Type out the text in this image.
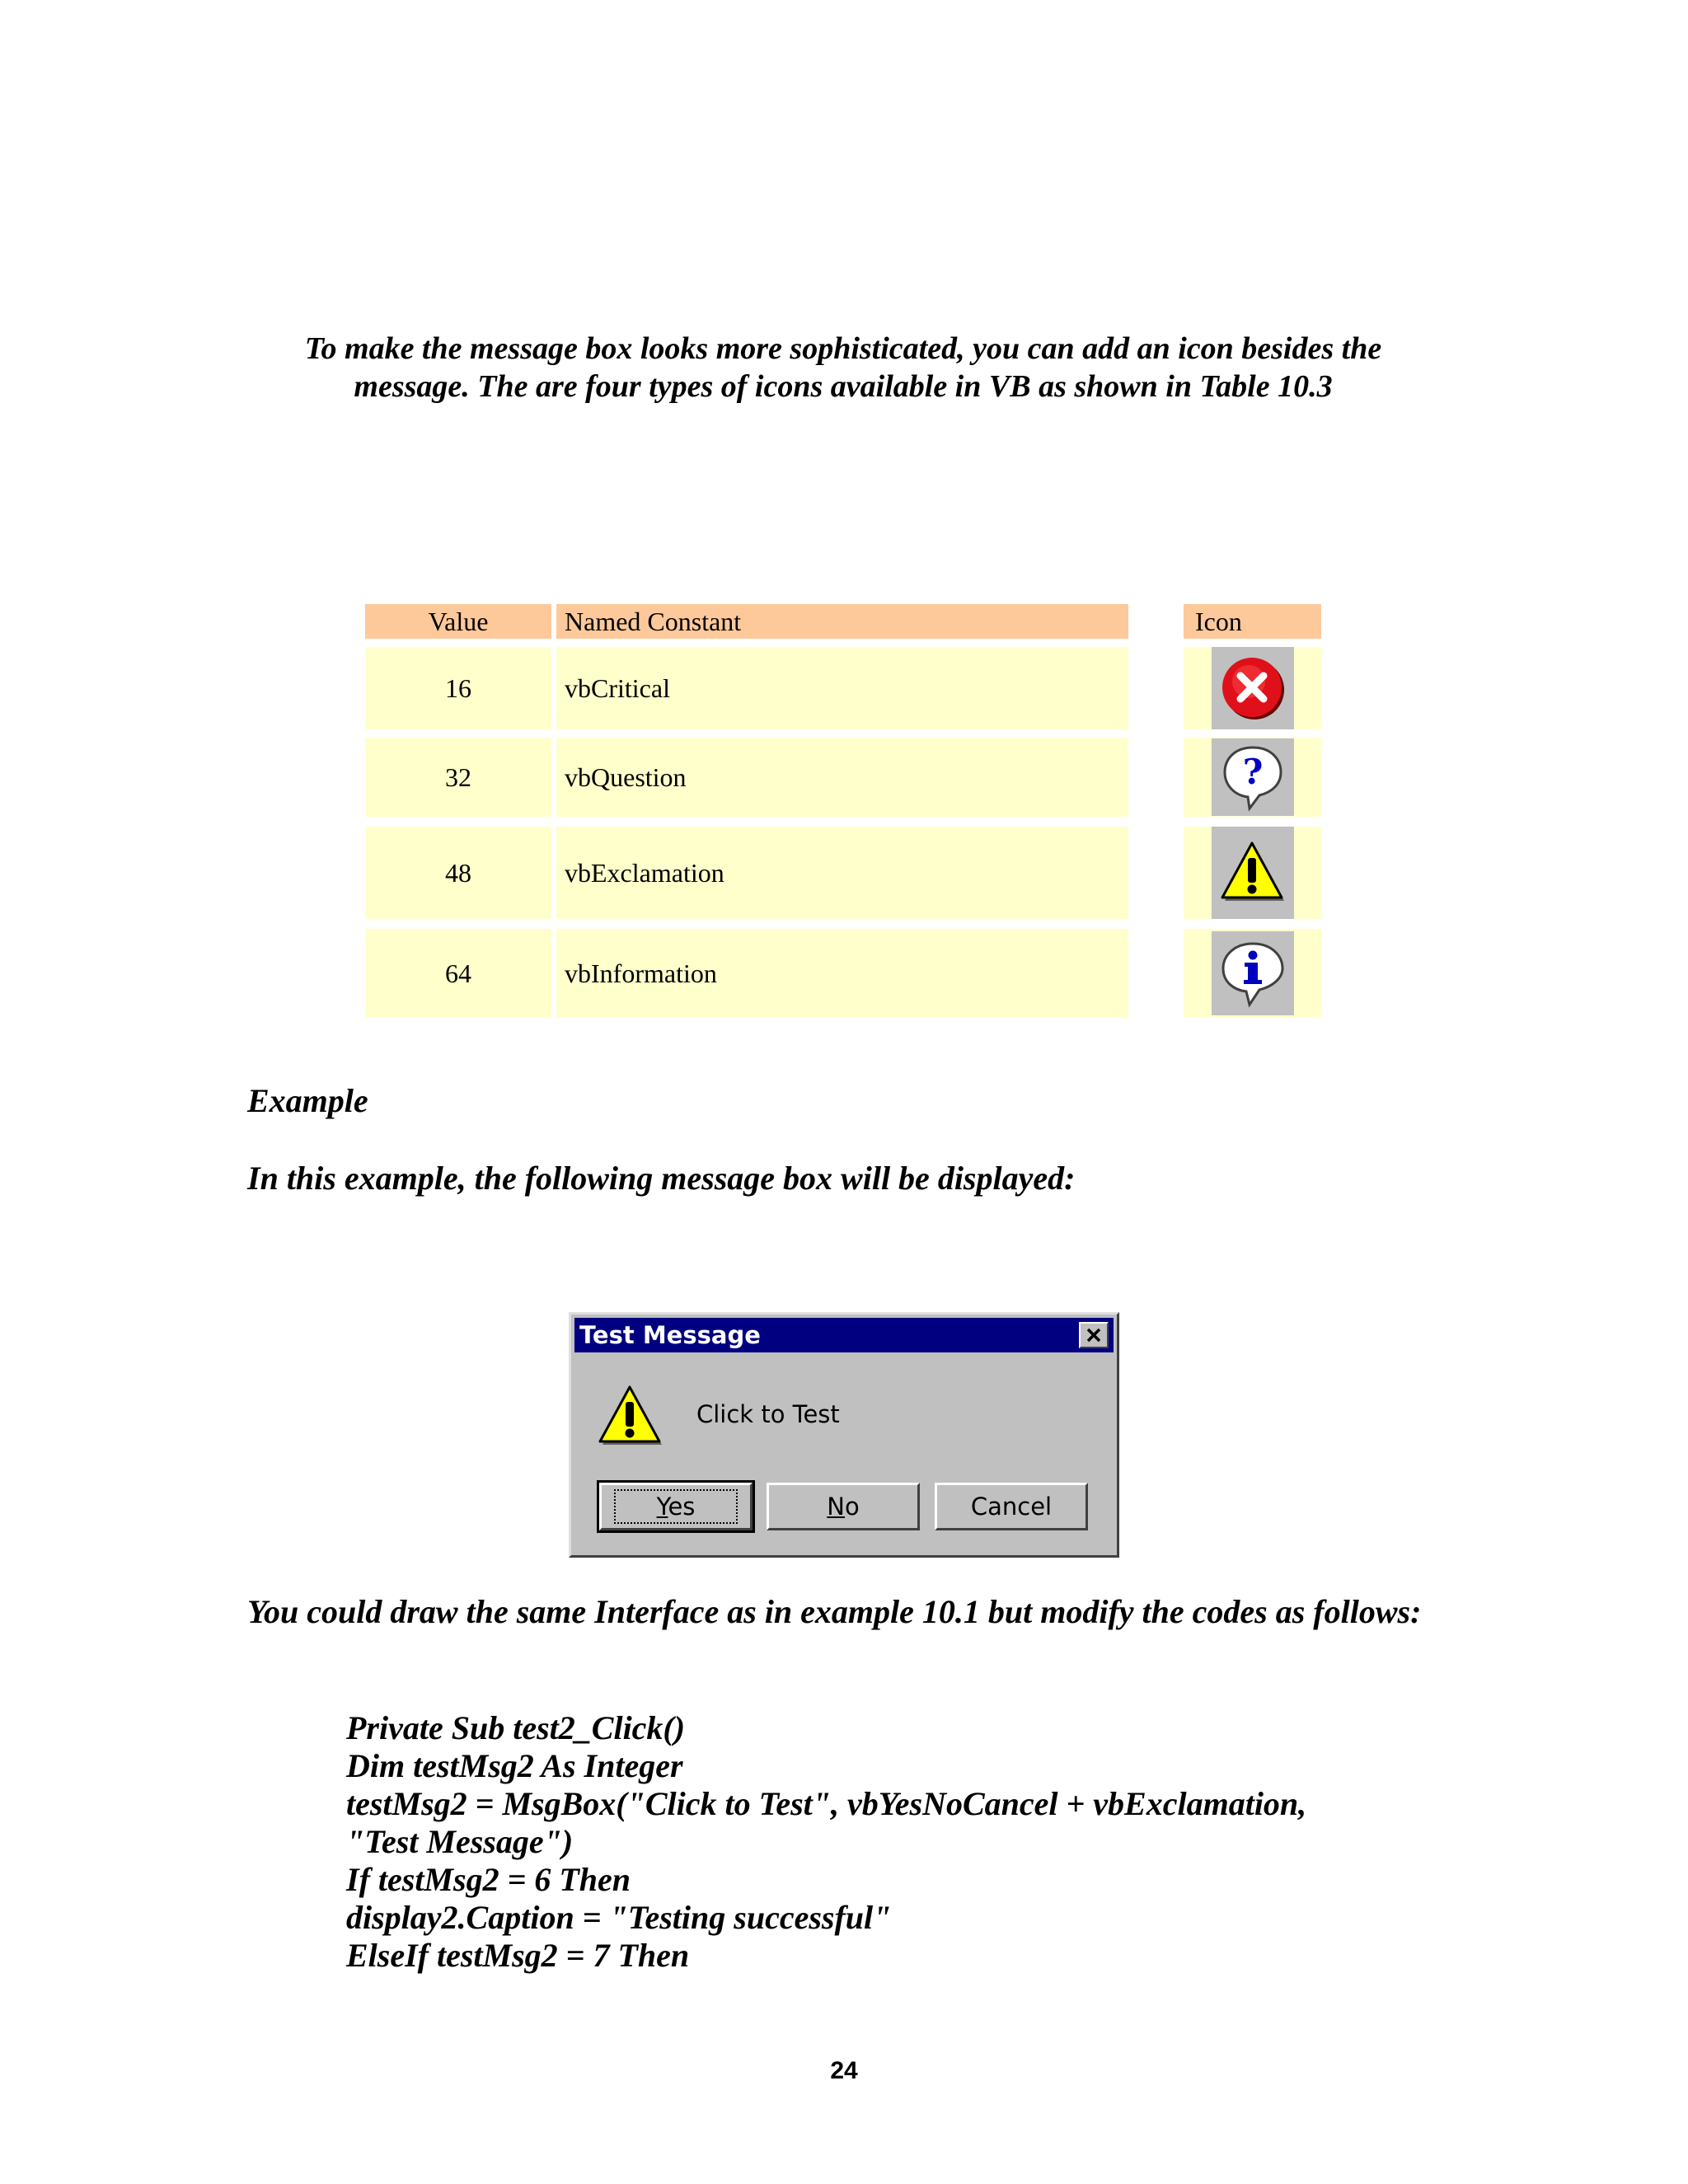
To make the message box looks more sophisticated, you can add an icon besides the
message. The are four types of icons available in VB as shown in Table 10.3
Value	Named Constant	Icon
16	vbCritical
32	vbQuestion	?
48	vbExclamation
64	vbInformation
Example
In this example, the following message box will be displayed:
Test Message
Click to Test
Yes	N o	Cancel
You could draw the same Interface as in example 10.1 but modify the codes as follows:
Private Sub test2_Click()
Dim testMsg2 As Integer
testMsg2 = MsgBox("Click to Test", vbYesNoCancel + vbExclamation,
"Test Message")
If testMsg2 = 6 Then
display2.Caption = "Testing successful"
ElseIf testMsg2 = 7 Then
24
